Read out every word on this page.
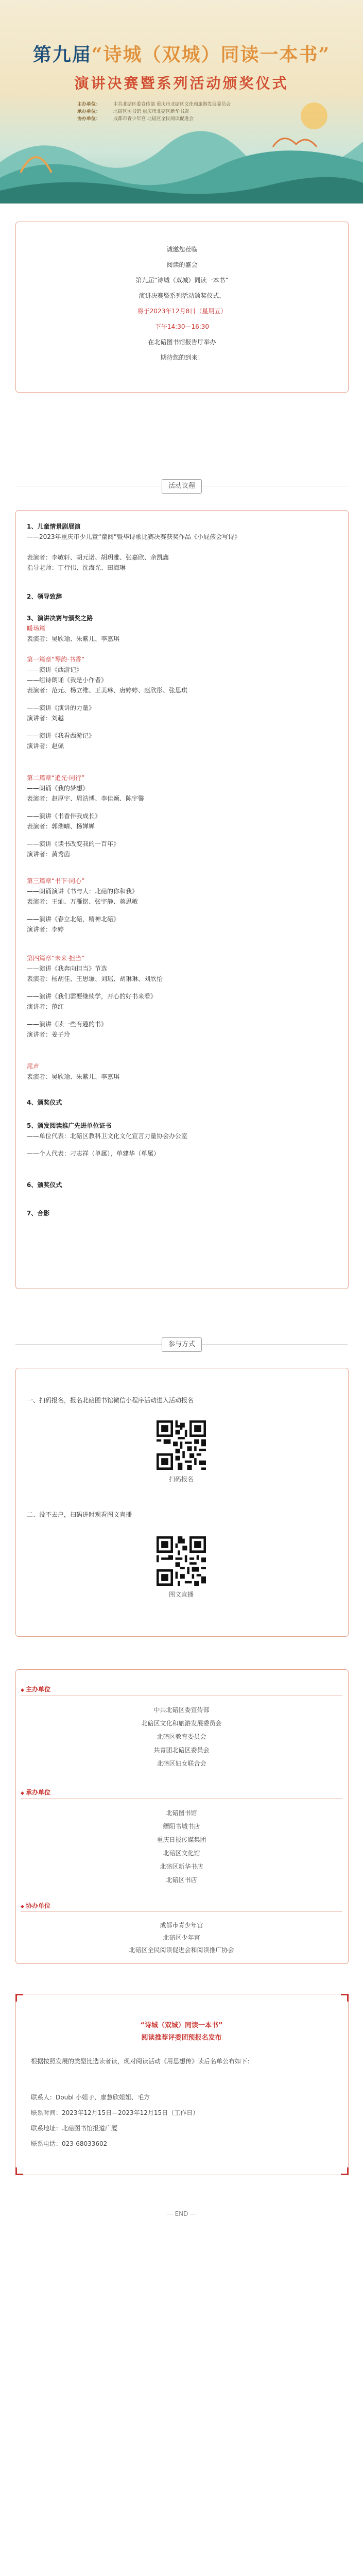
第九届“诗城（双城）同读一本书”
演讲决赛暨系列活动颁奖仪式
主办单位：	中共北碚区委宣传部 重庆市北碚区文化和旅游发展委员会
承办单位：	北碚区图书馆 重庆市北碚区新华书店
协办单位：	成都市青少年宫 北碚区全民阅读促进会
诚邀您莅临
阅读的盛会
第九届“诗城（双城）同读一本书”
演讲决赛暨系列活动颁奖仪式，
将于2023年12月8日（星期五）
下午14:30—16:30
在北碚图书馆报告厅举办
期待您的到来！
活动议程
1、儿童情景剧展演
——2023年重庆市少儿童“童阅”暨毕诗歌比赛决赛获奖作品《小屁孩会写诗》
表演者：李敏轩、胡元诺、胡玥雅、张嘉欣、余凯鑫
指导老师：丁行伟、沈海光、田海琳
2、领导致辞
3、演讲决赛与颁奖之路
暖场篇
表演者：吴欣瑜、朱紫儿、李嘉琪
第一篇章“琴韵·书香”
——演讲《西游记》
——组诗朗诵《我是小作者》
表演者：范元、杨立维、王美琳、唐婷婷、赵欣彤、张思琪
——演讲《演讲的力量》
演讲者：刘越
——演讲《我看西游记》
演讲者：赵佩
第二篇章“追光·同行”
——朗诵《我的梦想》
表演者：赵厚宇、周浩博、李佳颖、陈宇馨
——演讲《书香伴我成长》
表演者：郭瑞晴、杨婵婵
——演讲《读书改变我的一百年》
演讲者：黄秀茵
第三篇章“书下·同心”
——朗诵演讲《书与人：北碚的你和我》
表演者：王灿、万雁铭、张宇静、蒋思敏
——演讲《春立北碚，精神北碚》
演讲者：李婷
第四篇章“未来·担当”
——演讲《我奔向担当》节选
表演者：杨胡佳、王思谦、刘瑶、胡琳琳、刘欣怡
——演讲《我们需要继续学，开心的好书来看》
演讲者：范红
——演讲《读一些有趣的书》
演讲者：姜子玲
尾声
表演者：吴欣瑜、朱紫儿、李嘉琪
4、颁奖仪式
5、颁发阅读推广先进单位证书
——单位代表：北碚区教科卫文化文化宣言力量协会办公室
——个人代表：刁志祥（单属），单建华（单属）
6、颁奖仪式
7、合影
参与方式
一、扫码报名，报名北碚图书馆微信小程序活动进入活动报名
扫码报名
二、没不去户，扫码进时观看图文直播
图文直播
◆ 主办单位
中共北碚区委宣传部
北碚区文化和旅游发展委员会
北碚区教育委员会
共青团北碚区委员会
北碚区妇女联合会
◆ 承办单位
北碚图书馆
缙阳书城书店
重庆日报传媒集团
北碚区文化馆
北碚区新华书店
北碚区书店
◆ 协办单位
成都市青少年宫
北碚区少年宫
北碚区全民阅读促进会和阅读推广协会
“诗城（双城）同读一本书”
阅读推荐评委团预报名发布
根据按照发展的类型比选读者读，现对阅读活动《用思想传》读后名单公布如下：
联系人：Doubl 小姐子、廖慧欣姐姐、毛方
联系时间：2023年12月15日—2023年12月15日（工作日）
联系地址：北碚图书馆报道广厦
联系电话：023-68033602
— END —
